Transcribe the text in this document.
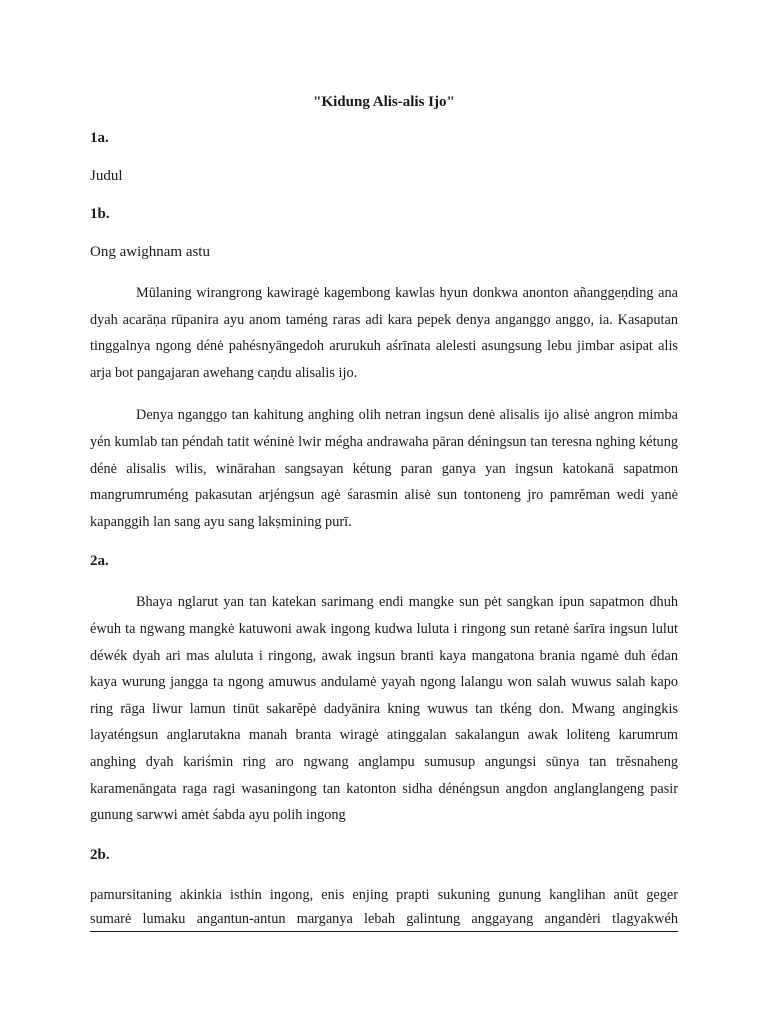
"Kidung Alis-alis Ijo"
1a.
Judul
1b.
Ong awighnam astu

Mūlaning wirangrong kawiragė kagembong kawlas hyun donkwa anonton añanggeṇding ana dyah acarāṇa rūpanira ayu anom taméng raras adi kara pepek denya anganggo anggo, ia. Kasaputan tinggalnya ngong dénė pahésnyāngedoh arurukuh aśrīnata alelesti asungsung lebu jimbar asipat alis arja bot pangajaran awehang caṇdu alisalis ijo.

Denya nganggo tan kahitung anghing olih netran ingsun denė alisalis ijo alisė angron mimba yén kumlab tan péndah tatit wéninė lwir mégha andrawaha pāran déningsun tan teresna nghing kétung dénė alisalis wilis, winārahan sangsayan kétung paran ganya yan ingsun katokanā sapatmon mangrumruméng pakasutan arjéngsun agė śarasmin alisė sun tontoneng jro pamrĕman wedi yanė kapanggih lan sang ayu sang lakṣmining purī.

2a.

Bhaya nglarut yan tan katekan sarimang endi mangke sun pėt sangkan ipun sapatmon dhuh éwuh ta ngwang mangkė katuwoni awak ingong kudwa luluta i ringong sun retanė śarīra ingsun lulut déwék dyah ari mas aluluta i ringong, awak ingsun branti kaya mangatona brania ngamė duh édan kaya wurung jangga ta ngong amuwus andulamė yayah ngong lalangu won salah wuwus salah kapo ring rāga liwur lamun tinūt sakarĕpė dadyānira kning wuwus tan tkéng don. Mwang angingkis layaténgsun anglarutakna manah branta wiragė atinggalan sakalangun awak loliteng karumrum anghing dyah kariśmin ring aro ngwang anglampu sumusup angungsi sūnya tan trĕsnaheng karamenāngata raga ragi wasaningong tan katonton sidha dénéngsun angdon anglanglangeng pasir gunung sarwwi amėt śabda ayu polih ingong

2b.
pamursitaning akinkia isthin ingong, enis enjing prapti sukuning gunung kanglihan anūt geger
sumarė lumaku angantun-antun marganya lebah galintung anggayang angandėri tlagyakwéh
